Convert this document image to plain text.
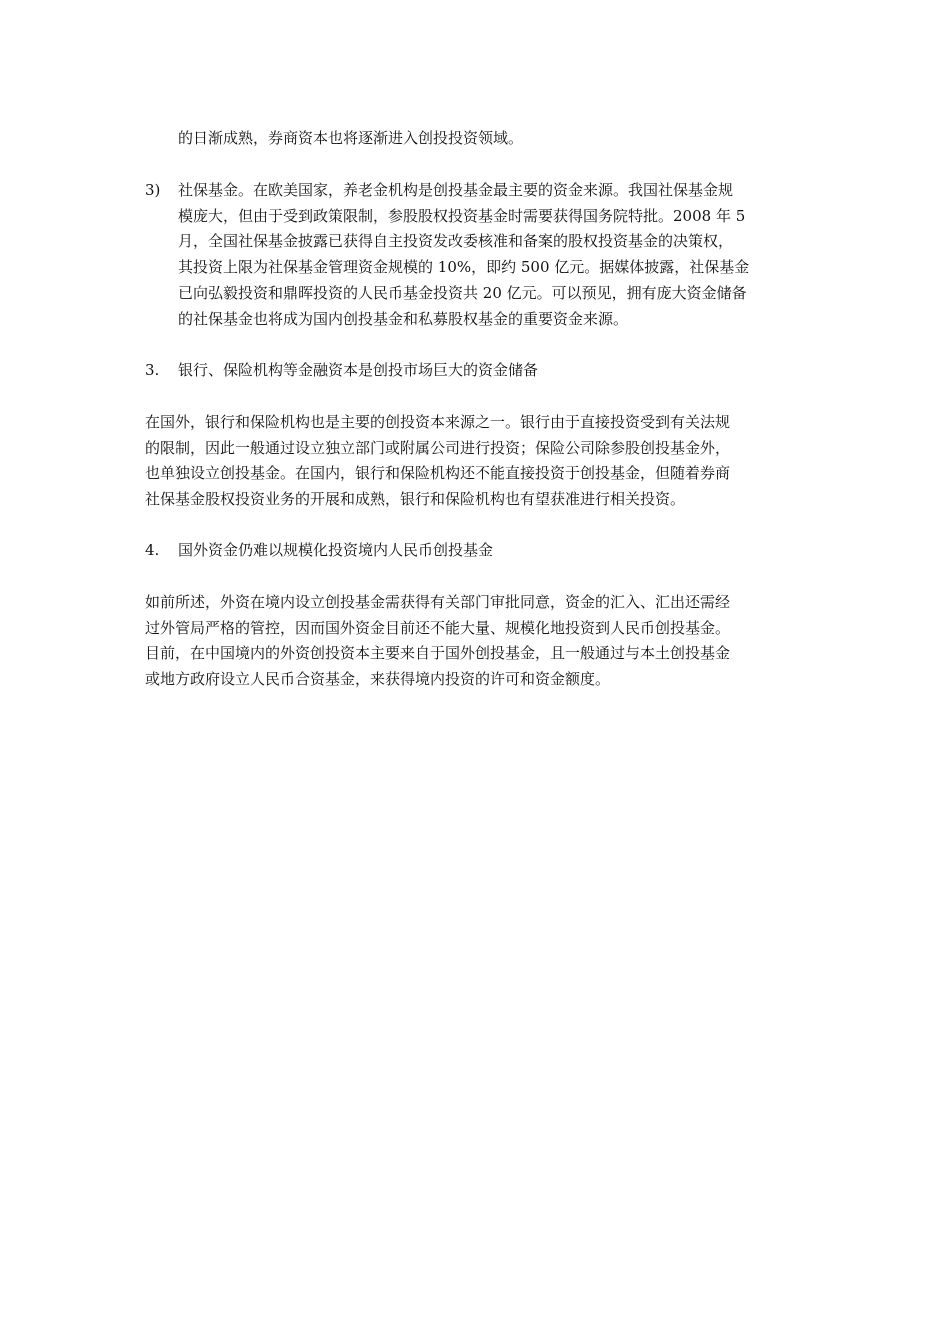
的日渐成熟，券商资本也将逐渐进入创投投资领域。
3) 社保基金。在欧美国家，养老金机构是创投基金最主要的资金来源。我国社保基金规
模庞大，但由于受到政策限制，参股股权投资基金时需要获得国务院特批。2008 年 5
月，全国社保基金披露已获得自主投资发改委核准和备案的股权投资基金的决策权，
其投资上限为社保基金管理资金规模的 10%，即约 500 亿元。据媒体披露，社保基金
已向弘毅投资和鼎晖投资的人民币基金投资共 20 亿元。可以预见，拥有庞大资金储备
的社保基金也将成为国内创投基金和私募股权基金的重要资金来源。
3. 银行、保险机构等金融资本是创投市场巨大的资金储备
在国外，银行和保险机构也是主要的创投资本来源之一。银行由于直接投资受到有关法规
的限制，因此一般通过设立独立部门或附属公司进行投资；保险公司除参股创投基金外，
也单独设立创投基金。在国内，银行和保险机构还不能直接投资于创投基金，但随着券商
社保基金股权投资业务的开展和成熟，银行和保险机构也有望获准进行相关投资。
4. 国外资金仍难以规模化投资境内人民币创投基金
如前所述，外资在境内设立创投基金需获得有关部门审批同意，资金的汇入、汇出还需经
过外管局严格的管控，因而国外资金目前还不能大量、规模化地投资到人民币创投基金。
目前，在中国境内的外资创投资本主要来自于国外创投基金，且一般通过与本土创投基金
或地方政府设立人民币合资基金，来获得境内投资的许可和资金额度。
